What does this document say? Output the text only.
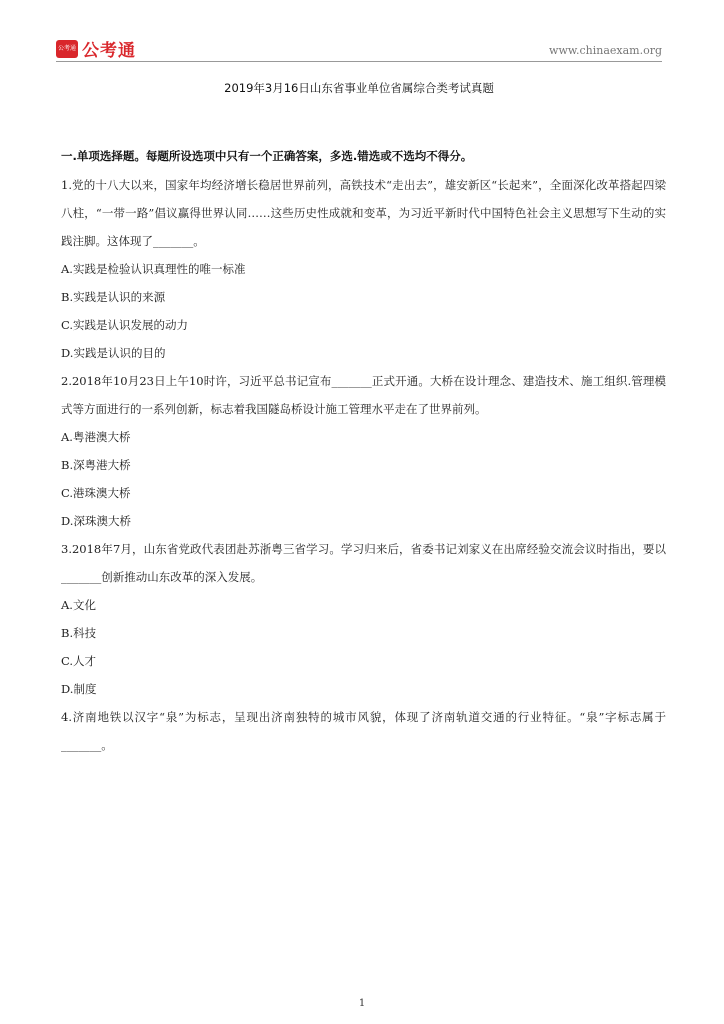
公考通 公考通	www.chinaexam.org
2019年3月16日山东省事业单位省属综合类考试真题
一.单项选择题。每题所设选项中只有一个正确答案，多选.错选或不选均不得分。
1.党的十八大以来，国家年均经济增长稳居世界前列，高铁技术“走出去”，雄安新区“长起来”，全面深化改革搭起四梁八柱，“一带一路”倡议赢得世界认同……这些历史性成就和变革，为习近平新时代中国特色社会主义思想写下生动的实践注脚。这体现了_______。
A.实践是检验认识真理性的唯一标准
B.实践是认识的来源
C.实践是认识发展的动力
D.实践是认识的目的
2.2018年10月23日上午10时许，习近平总书记宣布_______正式开通。大桥在设计理念、建造技术、施工组织.管理模式等方面进行的一系列创新，标志着我国隧岛桥设计施工管理水平走在了世界前列。
A.粤港澳大桥
B.深粤港大桥
C.港珠澳大桥
D.深珠澳大桥
3.2018年7月，山东省党政代表团赴苏浙粤三省学习。学习归来后，省委书记刘家义在出席经验交流会议时指出，要以_______创新推动山东改革的深入发展。
A.文化
B.科技
C.人才
D.制度
4.济南地铁以汉字“泉”为标志，呈现出济南独特的城市风貌，体现了济南轨道交通的行业特征。“泉”字标志属于_______。
1
